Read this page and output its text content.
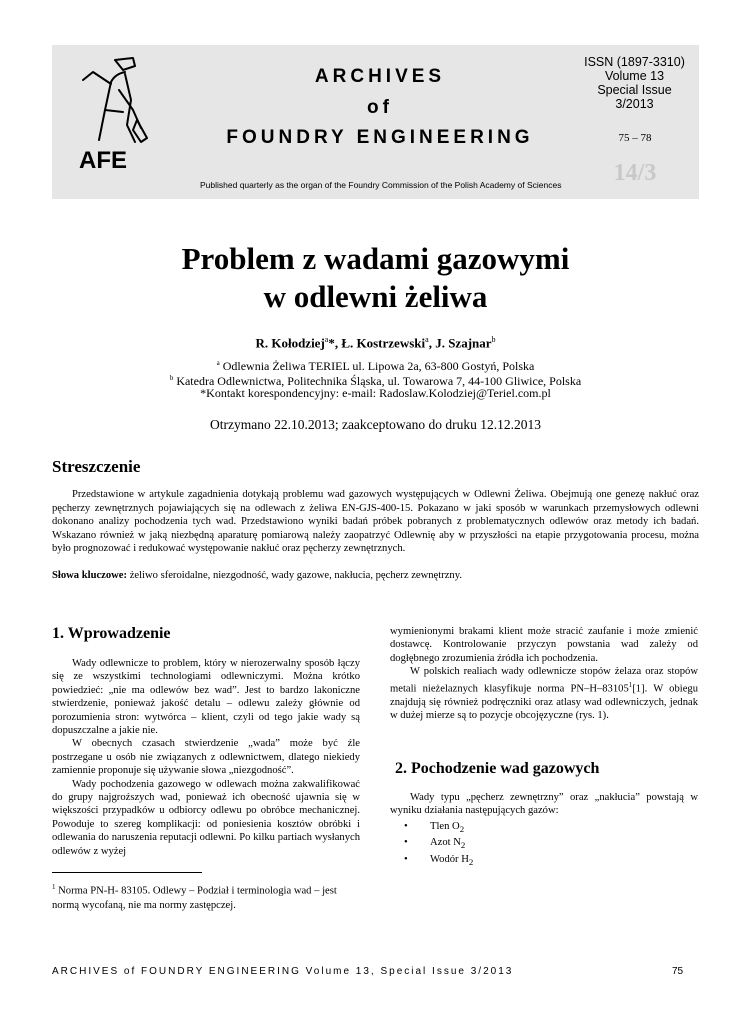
AFE
ARCHIVES
of
FOUNDRY ENGINEERING
Published quarterly as the organ of the Foundry Commission of the Polish Academy of Sciences
ISSN (1897-3310)
Volume 13
Special Issue
3/2013
75 – 78
14/3
Problem z wadami gazowymi
w odlewni żeliwa
R. Kołodziej$^a$*, Ł. Kostrzewski$^a$, J. Szajnar$^b$
$^a$ Odlewnia Żeliwa TERIEL ul. Lipowa 2a, 63-800 Gostyń, Polska
$^b$ Katedra Odlewnictwa, Politechnika Śląska, ul. Towarowa 7, 44-100 Gliwice, Polska
*Kontakt korespondencyjny: e-mail: Radoslaw.Kolodziej@Teriel.com.pl
Otrzymano 22.10.2013; zaakceptowano do druku 12.12.2013
Streszczenie
Przedstawione w artykule zagadnienia dotykają problemu wad gazowych występujących w Odlewni Żeliwa. Obejmują one genezę nakłuć oraz pęcherzy zewnętrznych pojawiających się na odlewach z żeliwa EN-GJS-400-15. Pokazano w jaki sposób w warunkach przemysłowych odlewni dokonano analizy pochodzenia tych wad. Przedstawiono wyniki badań próbek pobranych z problematycznych odlewów oraz metody ich badań. Wskazano również w jaką niezbędną aparaturę pomiarową należy zaopatrzyć Odlewnię aby w przyszłości na etapie przygotowania procesu, można było prognozować i redukować występowanie nakłuć oraz pęcherzy zewnętrznych.
Słowa kluczowe: żeliwo sferoidalne, niezgodność, wady gazowe, nakłucia, pęcherz zewnętrzny.
1. Wprowadzenie

Wady odlewnicze to problem, który w nierozerwalny sposób łączy się ze wszystkimi technologiami odlewniczymi. Można krótko powiedzieć: „nie ma odlewów bez wad”. Jest to bardzo lakoniczne stwierdzenie, ponieważ jakość detalu – odlewu zależy głównie od porozumienia stron: wytwórca – klient, czyli od tego jakie wady są dopuszczalne a jakie nie.

W obecnych czasach stwierdzenie „wada” może być źle postrzegane u osób nie związanych z odlewnictwem, dlatego niekiedy zamiennie proponuje się używanie słowa „niezgodność”.

Wady pochodzenia gazowego w odlewach można zakwalifikować do grupy najgroźszych wad, ponieważ ich obecność ujawnia się w większości przypadków u odbiorcy odlewu po obróbce mechanicznej. Powoduje to szereg komplikacji: od poniesienia kosztów obróbki i odlewania do naruszenia reputacji odlewni. Po kilku partiach wysłanych odlewów z wyżej

wymienionymi brakami klient może stracić zaufanie i może zmienić dostawcę. Kontrolowanie przyczyn powstania wad zależy od dogłębnego zrozumienia źródła ich pochodzenia.

W polskich realiach wady odlewnicze stopów żelaza oraz stopów metali nieżelaznych klasyfikuje norma PN–H–83105$^1$[1]. W obiegu znajdują się również podręczniki oraz atlasy wad odlewniczych, jednak w dużej mierze są to pozycje obcojęzyczne (rys. 1).

2. Pochodzenie wad gazowych

Wady typu „pęcherz zewnętrzny” oraz „nakłucia” powstają w wyniku działania następujących gazów:

• Tlen $O_2$
• Azot $N_2$
• Wodór $H_2$
$^1$ Norma PN-H- 83105. Odlewy – Podział i terminologia wad – jest normą wycofaną, nie ma normy zastępczej.
ARCHIVES of FOUNDRY ENGINEERING Volume 13, Special Issue 3/2013	75
